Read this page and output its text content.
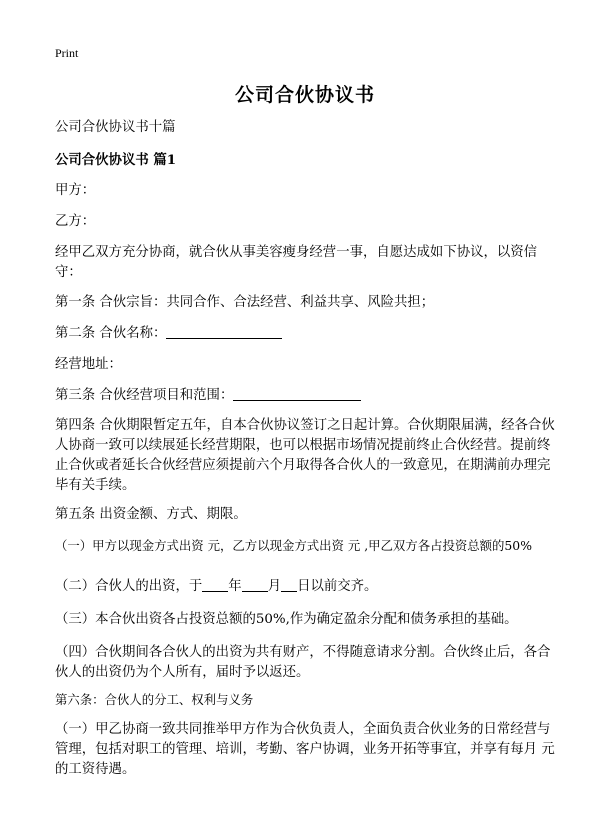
Print
公司合伙协议书
公司合伙协议书十篇
公司合伙协议书 篇1
甲方：
乙方：
经甲乙双方充分协商，就合伙从事美容瘦身经营一事，自愿达成如下协议，以资信守：
第一条 合伙宗旨：共同合作、合法经营、利益共享、风险共担；
第二条 合伙名称：
经营地址：
第三条 合伙经营项目和范围：
第四条 合伙期限暂定五年，自本合伙协议签订之日起计算。合伙期限届满，经各合伙人协商一致可以续展延长经营期限，也可以根据市场情况提前终止合伙经营。提前终止合伙或者延长合伙经营应须提前六个月取得各合伙人的一致意见，在期满前办理完毕有关手续。
第五条 出资金额、方式、期限。
（一）甲方以现金方式出资 元，乙方以现金方式出资 元 ,甲乙双方各占投资总额的50%
（二）合伙人的出资，于 年 月 日以前交齐。
（三）本合伙出资各占投资总额的50%,作为确定盈余分配和债务承担的基础。
（四）合伙期间各合伙人的出资为共有财产，不得随意请求分割。合伙终止后，各合伙人的出资仍为个人所有，届时予以返还。
第六条：合伙人的分工、权利与义务
（一）甲乙协商一致共同推举甲方作为合伙负责人，全面负责合伙业务的日常经营与管理，包括对职工的管理、培训，考勤、客户协调，业务开拓等事宜，并享有每月 元的工资待遇。
